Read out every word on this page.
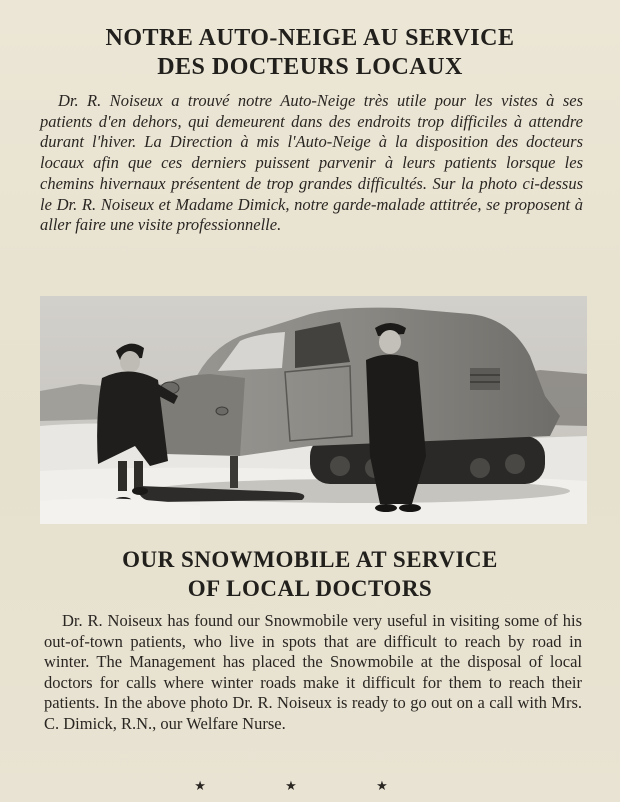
NOTRE AUTO-NEIGE AU SERVICE
DES DOCTEURS LOCAUX
Dr. R. Noiseux a trouvé notre Auto-Neige très utile pour les vistes à ses patients d'en dehors, qui demeurent dans des endroits trop difficiles à attendre durant l'hiver. La Direction à mis l'Auto-Neige à la disposition des docteurs locaux afin que ces derniers puissent parvenir à leurs patients lorsque les chemins hivernaux présentent de trop grandes difficultés. Sur la photo ci-dessus le Dr. R. Noiseux et Madame Dimick, notre garde-malade attitrée, se proposent à aller faire une visite professionnelle.
OUR SNOWMOBILE AT SERVICE
OF LOCAL DOCTORS
Dr. R. Noiseux has found our Snowmobile very useful in visiting some of his out-of-town patients, who live in spots that are difficult to reach by road in winter. The Management has placed the Snowmobile at the disposal of local doctors for calls where winter roads make it difficult for them to reach their patients. In the above photo Dr. R. Noiseux is ready to go out on a call with Mrs. C. Dimick, R.N., our Welfare Nurse.
★ ★ ★
